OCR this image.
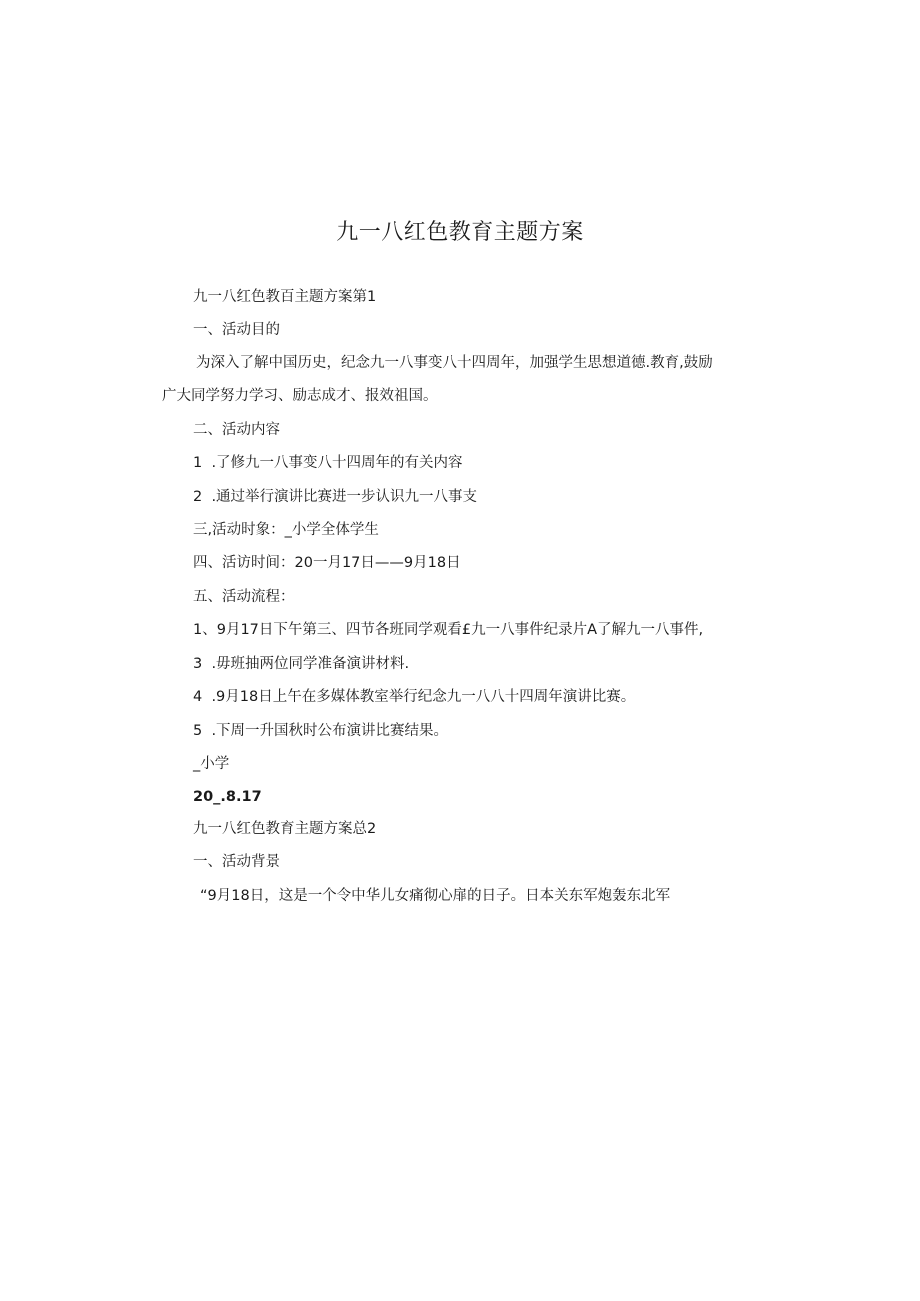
九一八红色教育主题方案

九一八红色教百主题方案第1

一、活动目的

为深入了解中国历史，纪念九一八事变八十四周年，加强学生思想道德.教育,鼓励

广大同学努力学习、励志成才、报效祖国。

二、活动内容

1  .了修九一八事变八十四周年的有关内容

2  .通过举行演讲比赛进一步认识九一八事支

三,活动时象：_小学全体学生

四、活访时间：20一月17日——9月18日

五、活动流程：

1、9月17日下午第三、四节各班同学观看£九一八事件纪录片A了解九一八事件,

3  .毋班抽两位同学准备演讲材料.

4  .9月18日上午在多媒体教室举行纪念九一八八十四周年演讲比赛。

5  .下周一升国秋时公布演讲比赛结果。

_小学

20_.8.17

九一八红色教育主题方案总2

一、活动背景

“9月18日，这是一个令中华儿女痛彻心扉的日子。日本关东军炮轰东北军
